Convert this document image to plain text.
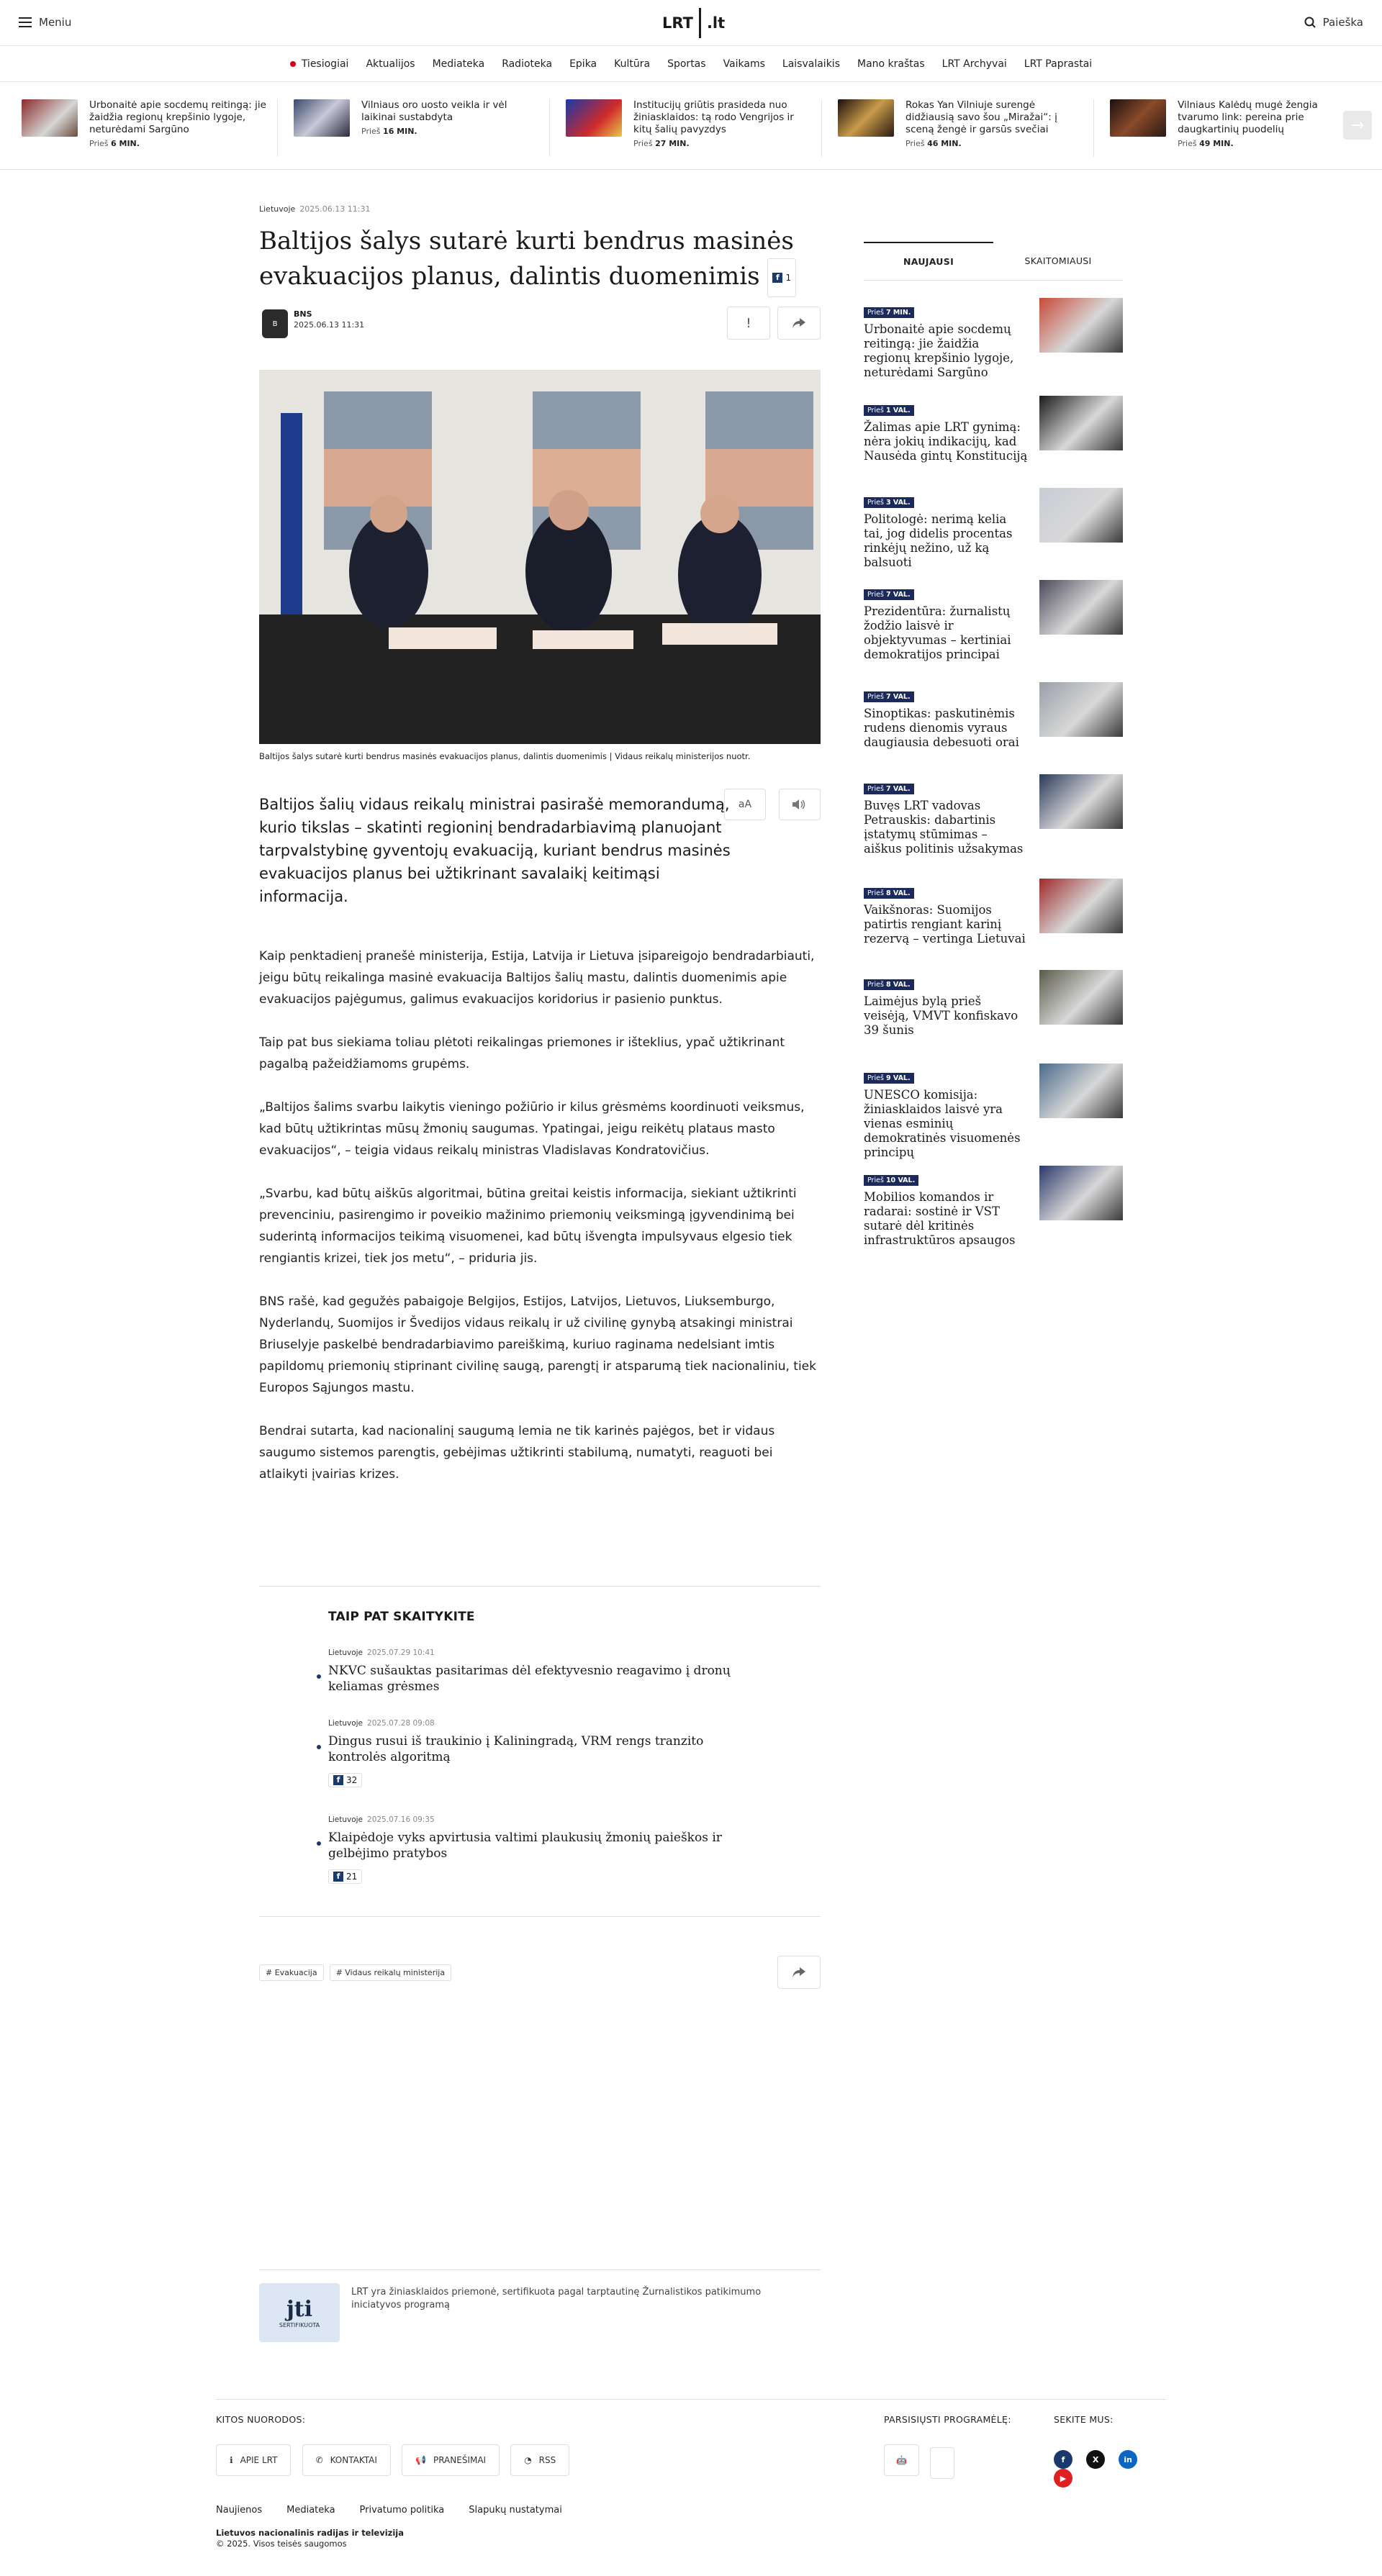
Meniu	LRT .lt	Paieška
Tiesiogiai	Aktualijos	Mediateka	Radioteka	Epika	Kultūra	Sportas	Vaikams	Laisvalaikis	Mano kraštas	LRT Archyvai	LRT Paprastai
Urbonaitė apie socdemų reitingą: jie žaidžia regionų krepšinio lygoje, neturėdami Sargūno
Prieš 6 MIN.
Vilniaus oro uosto veikla ir vėl laikinai sustabdyta
Prieš 16 MIN.
Institucijų griūtis prasideda nuo žiniasklaidos: tą rodo Vengrijos ir kitų šalių pavyzdys
Prieš 27 MIN.
Rokas Yan Vilniuje surengė didžiausią savo šou „Miražai“: į sceną žengė ir garsūs svečiai
Prieš 46 MIN.
Vilniaus Kalėdų mugė žengia tvarumo link: pereina prie daugkartinių puodelių
Prieš 49 MIN.
→
Lietuvoje 2025.06.13 11:31
Baltijos šalys sutarė kurti bendrus masinės evakuacijos planus, dalintis duomenimis	f 1
B
BNS
2025.06.13 11:31	!
Baltijos šalys sutarė kurti bendrus masinės evakuacijos planus, dalintis duomenimis | Vidaus reikalų ministerijos nuotr.
Baltijos šalių vidaus reikalų ministrai pasirašė memorandumą, kurio tikslas – skatinti regioninį bendradarbiavimą planuojant tarpvalstybinę gyventojų evakuaciją, kuriant bendrus masinės evakuacijos planus bei užtikrinant savalaikį keitimąsi informacija.
aA

Kaip penktadienį pranešė ministerija, Estija, Latvija ir Lietuva įsipareigojo bendradarbiauti, jeigu būtų reikalinga masinė evakuacija Baltijos šalių mastu, dalintis duomenimis apie evakuacijos pajėgumus, galimus evakuacijos koridorius ir pasienio punktus.

Taip pat bus siekiama toliau plėtoti reikalingas priemones ir išteklius, ypač užtikrinant pagalbą pažeidžiamoms grupėms.

„Baltijos šalims svarbu laikytis vieningo požiūrio ir kilus grėsmėms koordinuoti veiksmus, kad būtų užtikrintas mūsų žmonių saugumas. Ypatingai, jeigu reikėtų plataus masto evakuacijos“, – teigia vidaus reikalų ministras Vladislavas Kondratovičius.

„Svarbu, kad būtų aiškūs algoritmai, būtina greitai keistis informacija, siekiant užtikrinti prevenciniu, pasirengimo ir poveikio mažinimo priemonių veiksmingą įgyvendinimą bei suderintą informacijos teikimą visuomenei, kad būtų išvengta impulsyvaus elgesio tiek rengiantis krizei, tiek jos metu“, – priduria jis.

BNS rašė, kad gegužės pabaigoje Belgijos, Estijos, Latvijos, Lietuvos, Liuksemburgo, Nyderlandų, Suomijos ir Švedijos vidaus reikalų ir už civilinę gynybą atsakingi ministrai Briuselyje paskelbė bendradarbiavimo pareiškimą, kuriuo raginama nedelsiant imtis papildomų priemonių stiprinant civilinę saugą, parengtį ir atsparumą tiek nacionaliniu, tiek Europos Sąjungos mastu.

Bendrai sutarta, kad nacionalinį saugumą lemia ne tik karinės pajėgos, bet ir vidaus saugumo sistemos parengtis, gebėjimas užtikrinti stabilumą, numatyti, reaguoti bei atlaikyti įvairias krizes.

TAIP PAT SKAITYKITE
Lietuvoje 2025.07.29 10:41
NKVC sušauktas pasitarimas dėl efektyvesnio reagavimo į dronų keliamas grėsmes
Lietuvoje 2025.07.28 09:08
Dingus rusui iš traukinio į Kaliningradą, VRM rengs tranzito kontrolės algoritmą
f 32
Lietuvoje 2025.07.16 09:35
Klaipėdoje vyks apvirtusia valtimi plaukusių žmonių paieškos ir gelbėjimo pratybos
f 21
# Evakuacija	# Vidaus reikalų ministerija
jti
SERTIFIKUOTA
LRT yra žiniasklaidos priemonė, sertifikuota pagal tarptautinę Žurnalistikos patikimumo iniciatyvos programą
NAUJAUSI	SKAITOMIAUSI
Prieš 7 MIN.
Urbonaitė apie socdemų reitingą: jie žaidžia regionų krepšinio lygoje, neturėdami Sargūno
Prieš 1 VAL.
Žalimas apie LRT gynimą: nėra jokių indikacijų, kad Nausėda gintų Konstituciją
Prieš 3 VAL.
Politologė: nerimą kelia tai, jog didelis procentas rinkėjų nežino, už ką balsuoti
Prieš 7 VAL.
Prezidentūra: žurnalistų žodžio laisvė ir objektyvumas – kertiniai demokratijos principai
Prieš 7 VAL.
Sinoptikas: paskutinėmis rudens dienomis vyraus daugiausia debesuoti orai
Prieš 7 VAL.
Buvęs LRT vadovas Petrauskis: dabartinis įstatymų stūmimas – aiškus politinis užsakymas
Prieš 8 VAL.
Vaikšnoras: Suomijos patirtis rengiant karinį rezervą – vertinga Lietuvai
Prieš 8 VAL.
Laimėjus bylą prieš veisėją, VMVT konfiskavo 39 šunis
Prieš 9 VAL.
UNESCO komisija: žiniasklaidos laisvė yra vienas esminių demokratinės visuomenės principų
Prieš 10 VAL.
Mobilios komandos ir radarai: sostinė ir VST sutarė dėl kritinės infrastruktūros apsaugos
KITOS NUORODOS:	PARSISIŲSTI PROGRAMĖLĘ:	SEKITE MUS:
ℹ APIE LRT
	✆ KONTAKTAI
	📢 PRANEŠIMAI
	◔ RSS	🤖
	f	X	in ▶
Naujienos	Mediateka	Privatumo politika	Slapukų nustatymai
Lietuvos nacionalinis radijas ir televizija
© 2025. Visos teisės saugomos
